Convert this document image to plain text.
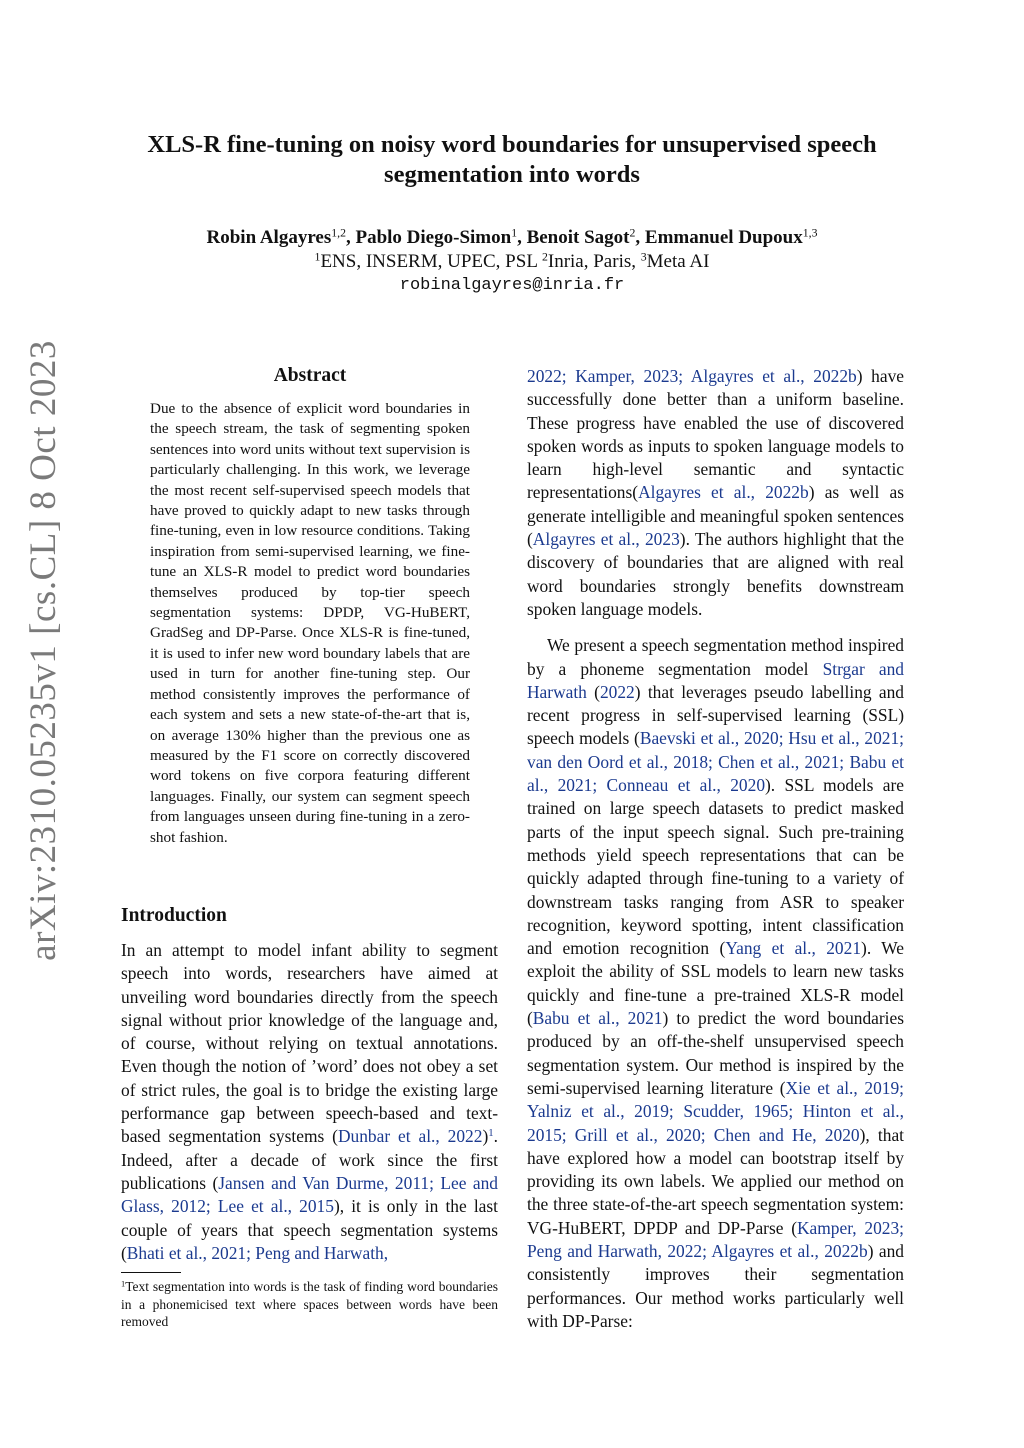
arXiv:2310.05235v1 [cs.CL] 8 Oct 2023
XLS-R fine-tuning on noisy word boundaries for unsupervised speech
segmentation into words
Robin Algayres$^{1,2}$, Pablo Diego-Simon$^1$, Benoit Sagot$^2$, Emmanuel Dupoux$^{1,3}$
$^1$ENS, INSERM, UPEC, PSL $^2$Inria, Paris, $^3$Meta AI
robinalgayres@inria.fr
Abstract

Due to the absence of explicit word boundaries in the speech stream, the task of segmenting spoken sentences into word units without text supervision is particularly challenging. In this work, we leverage the most recent self-supervised speech models that have proved to quickly adapt to new tasks through fine-tuning, even in low resource conditions. Taking inspiration from semi-supervised learning, we fine-tune an XLS-R model to predict word boundaries themselves produced by top-tier speech segmentation systems: DPDP, VG-HuBERT, GradSeg and DP-Parse. Once XLS-R is fine-tuned, it is used to infer new word boundary labels that are used in turn for another fine-tuning step. Our method consistently improves the performance of each system and sets a new state-of-the-art that is, on average 130% higher than the previous one as measured by the F1 score on correctly discovered word tokens on five corpora featuring different languages. Finally, our system can segment speech from languages unseen during fine-tuning in a zero-shot fashion.

Introduction

In an attempt to model infant ability to segment speech into words, researchers have aimed at unveiling word boundaries directly from the speech signal without prior knowledge of the language and, of course, without relying on textual annotations. Even though the notion of ’word’ does not obey a set of strict rules, the goal is to bridge the existing large performance gap between speech-based and text-based segmentation systems (Dunbar et al., 2022)$^1$. Indeed, after a decade of work since the first publications (Jansen and Van Durme, 2011; Lee and Glass, 2012; Lee et al., 2015), it is only in the last couple of years that speech segmentation systems (Bhati et al., 2021; Peng and Harwath,

$^1$Text segmentation into words is the task of finding word boundaries in a phonemicised text where spaces between words have been removed

2022; Kamper, 2023; Algayres et al., 2022b) have successfully done better than a uniform baseline. These progress have enabled the use of discovered spoken words as inputs to spoken language models to learn high-level semantic and syntactic representations(Algayres et al., 2022b) as well as generate intelligible and meaningful spoken sentences (Algayres et al., 2023). The authors highlight that the discovery of boundaries that are aligned with real word boundaries strongly benefits downstream spoken language models.

We present a speech segmentation method inspired by a phoneme segmentation model Strgar and Harwath (2022) that leverages pseudo labelling and recent progress in self-supervised learning (SSL) speech models (Baevski et al., 2020; Hsu et al., 2021; van den Oord et al., 2018; Chen et al., 2021; Babu et al., 2021; Conneau et al., 2020). SSL models are trained on large speech datasets to predict masked parts of the input speech signal. Such pre-training methods yield speech representations that can be quickly adapted through fine-tuning to a variety of downstream tasks ranging from ASR to speaker recognition, keyword spotting, intent classification and emotion recognition (Yang et al., 2021). We exploit the ability of SSL models to learn new tasks quickly and fine-tune a pre-trained XLS-R model (Babu et al., 2021) to predict the word boundaries produced by an off-the-shelf unsupervised speech segmentation system. Our method is inspired by the semi-supervised learning literature (Xie et al., 2019; Yalniz et al., 2019; Scudder, 1965; Hinton et al., 2015; Grill et al., 2020; Chen and He, 2020), that have explored how a model can bootstrap itself by providing its own labels. We applied our method on the three state-of-the-art speech segmentation system: VG-HuBERT, DPDP and DP-Parse (Kamper, 2023; Peng and Harwath, 2022; Algayres et al., 2022b) and consistently improves their segmentation performances. Our method works particularly well with DP-Parse:
